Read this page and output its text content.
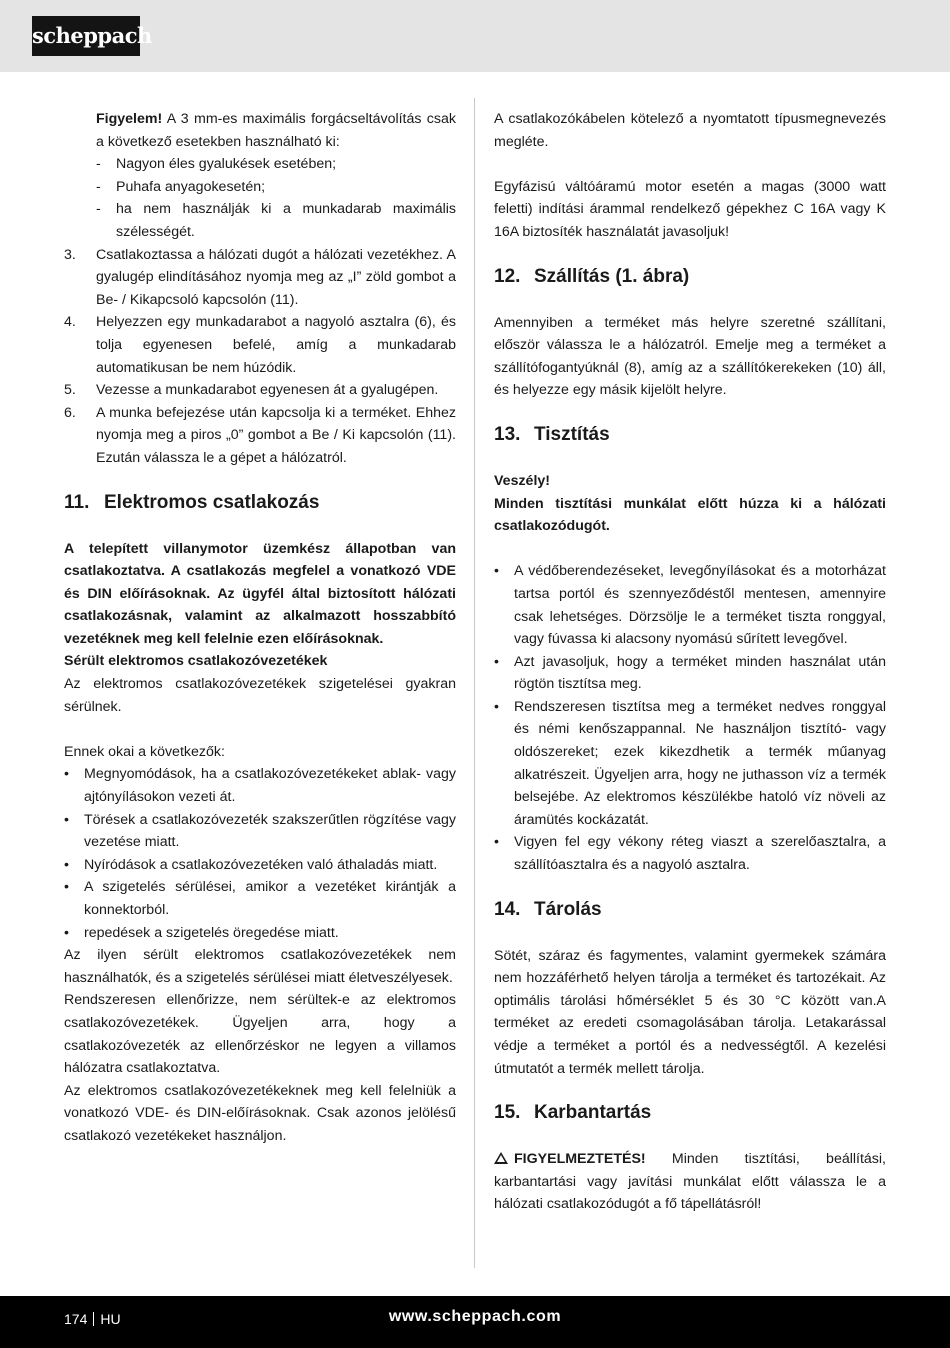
scheppach

Figyelem! A 3 mm-es maximális forgácseltávolítás csak a következő esetekben használható ki:

- Nagyon éles gyalukések esetében;
- Puhafa anyagokesetén;
- ha nem használják ki a munkadarab maximális szélességét.
3. Csatlakoztassa a hálózati dugót a hálózati vezetékhez. A gyalugép elindításához nyomja meg az „I” zöld gombot a Be- / Kikapcsoló kapcsolón (11).
4. Helyezzen egy munkadarabot a nagyoló asztalra (6), és tolja egyenesen befelé, amíg a munkadarab automatikusan be nem húzódik.
5. Vezesse a munkadarabot egyenesen át a gyalugépen.
6. A munka befejezése után kapcsolja ki a terméket. Ehhez nyomja meg a piros „0” gombot a Be / Ki kapcsolón (11). Ezután válassza le a gépet a hálózatról.
11. Elektromos csatlakozás

A telepített villanymotor üzemkész állapotban van csatlakoztatva. A csatlakozás megfelel a vonatkozó VDE és DIN előírásoknak. Az ügyfél által biztosított hálózati csatlakozásnak, valamint az alkalmazott hosszabbító vezetéknek meg kell felelnie ezen előírásoknak.

Sérült elektromos csatlakozóvezetékek

Az elektromos csatlakozóvezetékek szigetelései gyakran sérülnek.

Ennek okai a következők:

• Megnyomódások, ha a csatlakozóvezetékeket ablak- vagy ajtónyílásokon vezeti át.
• Törések a csatlakozóvezeték szakszerűtlen rögzítése vagy vezetése miatt.
• Nyíródások a csatlakozóvezetéken való áthaladás miatt.
• A szigetelés sérülései, amikor a vezetéket kirántják a konnektorból.
• repedések a szigetelés öregedése miatt.

Az ilyen sérült elektromos csatlakozóvezetékek nem használhatók, és a szigetelés sérülései miatt életveszélyesek.

Rendszeresen ellenőrizze, nem sérültek-e az elektromos csatlakozóvezetékek. Ügyeljen arra, hogy a csatlakozóvezeték az ellenőrzéskor ne legyen a villamos hálózatra csatlakoztatva.

Az elektromos csatlakozóvezetékeknek meg kell felelniük a vonatkozó VDE- és DIN-előírásoknak. Csak azonos jelölésű csatlakozó vezetékeket használjon.

A csatlakozókábelen kötelező a nyomtatott típusmegnevezés megléte.

Egyfázisú váltóáramú motor esetén a magas (3000 watt feletti) indítási árammal rendelkező gépekhez C 16A vagy K 16A biztosíték használatát javasoljuk!

12. Szállítás (1. ábra)

Amennyiben a terméket más helyre szeretné szállítani, először válassza le a hálózatról. Emelje meg a terméket a szállítófogantyúknál (8), amíg az a szállítókerekeken (10) áll, és helyezze egy másik kijelölt helyre.

13. Tisztítás

Veszély!

Minden tisztítási munkálat előtt húzza ki a hálózati csatlakozódugót.

• A védőberendezéseket, levegőnyílásokat és a motorházat tartsa portól és szennyeződéstől mentesen, amennyire csak lehetséges. Dörzsölje le a terméket tiszta ronggyal, vagy fúvassa ki alacsony nyomású sűrített levegővel.
• Azt javasoljuk, hogy a terméket minden használat után rögtön tisztítsa meg.
• Rendszeresen tisztítsa meg a terméket nedves ronggyal és némi kenőszappannal. Ne használjon tisztító- vagy oldószereket; ezek kikezdhetik a termék műanyag alkatrészeit. Ügyeljen arra, hogy ne juthasson víz a termék belsejébe. Az elektromos készülékbe hatoló víz növeli az áramütés kockázatát.
• Vigyen fel egy vékony réteg viaszt a szerelőasztalra, a szállítóasztalra és a nagyoló asztalra.
14. Tárolás

Sötét, száraz és fagymentes, valamint gyermekek számára nem hozzáférhető helyen tárolja a terméket és tartozékait. Az optimális tárolási hőmérséklet 5 és 30 °C között van.A terméket az eredeti csomagolásában tárolja. Letakarással védje a terméket a portól és a nedvességtől. A kezelési útmutatót a termék mellett tárolja.

15. Karbantartás

FIGYELMEZTETÉS! Minden tisztítási, beállítási, karbantartási vagy javítási munkálat előtt válassza le a hálózati csatlakozódugót a fő tápellátásról!

174 HU	www.scheppach.com
